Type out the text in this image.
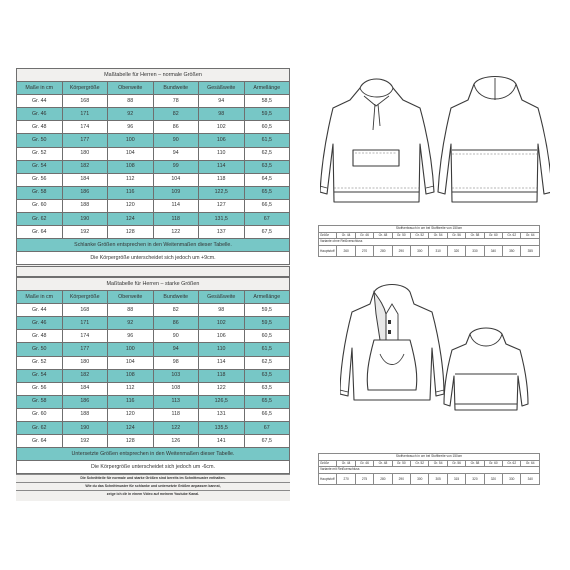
Maßtabelle für Herren – normale Größen					
Maße in cm	Körpergröße	Oberweite	Bundweite	Gesäßweite	Armellänge
Gr. 44	168	88	78	94	58,5
Gr. 46	171	92	82	98	59,5
Gr. 48	174	96	86	102	60,5
Gr. 50	177	100	90	106	61,5
Gr. 52	180	104	94	110	62,5
Gr. 54	182	108	99	114	63,5
Gr. 56	184	112	104	118	64,5
Gr. 58	186	116	109	122,5	65,5
Gr. 60	188	120	114	127	66,5
Gr. 62	190	124	118	131,5	67
Gr. 64	192	128	122	137	67,5
Schlanke Größen entsprechen in den Weitenmaßen dieser Tabelle.					
Die Körpergröße unterscheidet sich jedoch um +9cm.					
Maßtabelle für Herren – starke Größen					
Maße in cm	Körpergröße	Oberweite	Bundweite	Gesäßweite	Armellänge
Gr. 44	168	88	82	98	59,5
Gr. 46	171	92	86	102	59,5
Gr. 48	174	96	90	106	60,5
Gr. 50	177	100	94	110	61,5
Gr. 52	180	104	98	114	62,5
Gr. 54	182	108	103	118	63,5
Gr. 56	184	112	108	122	63,5
Gr. 58	186	116	113	126,5	65,5
Gr. 60	188	120	118	131	66,5
Gr. 62	190	124	122	135,5	67
Gr. 64	192	128	126	141	67,5
Untersetzte Größen entsprechen in den Weitenmaßen dieser Tabelle.					
Die Körpergröße unterscheidet sich jedoch um -6cm.					
Die Schnittteile für normale und starke Größen sind bereits im Schnittmuster enthalten.
Wie du das Schnittmuster für schlanke und untersetzte Größen anpassen kannst,
zeige ich dir in einem Video auf meinem Youtube Kanal.
Stoffverbrauch in cm bei Stoffbreite von 150cm											
Größe	Gr. 44	Gr. 46	Gr. 48	Gr. 50	Gr. 52	Gr. 54	Gr. 56	Gr. 58	Gr. 60	Gr. 62	Gr. 64
Variante ohne Reißverschluss											
Hauptstoff	260	270	280	290	300	310	320	330	340	350	355
Stoffverbrauch in cm bei Stoffbreite von 150cm											
Größe	Gr. 44	Gr. 46	Gr. 48	Gr. 50	Gr. 52	Gr. 54	Gr. 56	Gr. 58	Gr. 60	Gr. 62	Gr. 64
Variante mit Reißverschluss											
Hauptstoff	270	275	280	290	300	305	315	320	320	330	340
